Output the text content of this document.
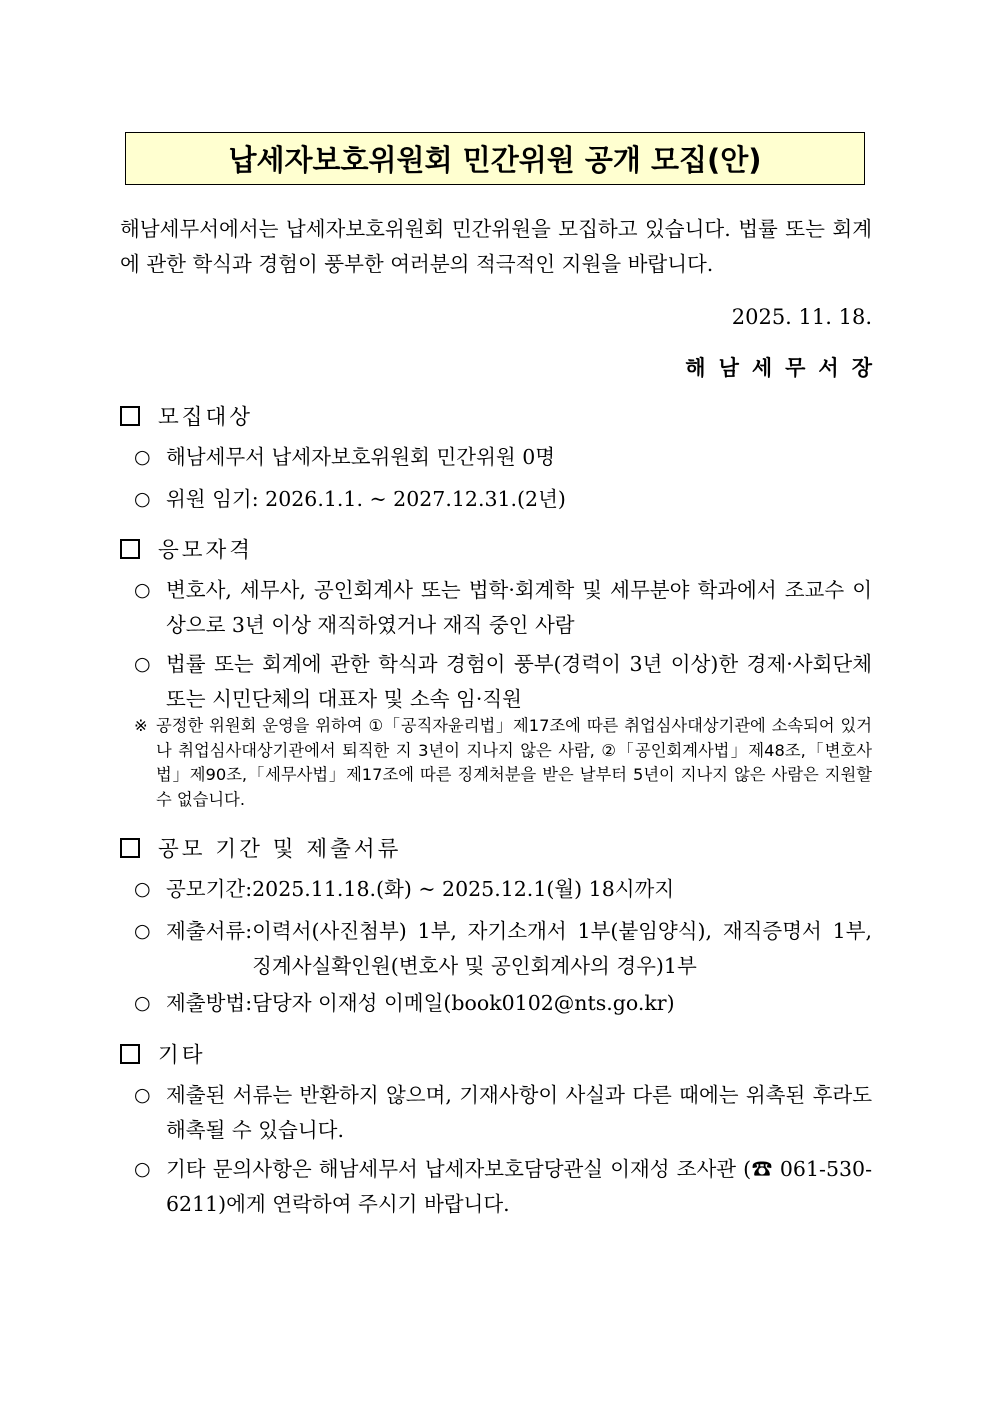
납세자보호위원회 민간위원 공개 모집(안)
해남세무서에서는 납세자보호위원회 민간위원을 모집하고 있습니다. 법률 또는 회계에 관한 학식과 경험이 풍부한 여러분의 적극적인 지원을 바랍니다.
2025. 11. 18.
해남세무서장
모집대상
○ 해남세무서 납세자보호위원회 민간위원 0명
○ 위원 임기: 2026.1.1. ~ 2027.12.31.(2년)
응모자격
○ 변호사, 세무사, 공인회계사 또는 법학·회계학 및 세무분야 학과에서 조교수 이상으로 3년 이상 재직하였거나 재직 중인 사람
○ 법률 또는 회계에 관한 학식과 경험이 풍부(경력이 3년 이상)한 경제·사회단체 또는 시민단체의 대표자 및 소속 임·직원
※ 공정한 위원회 운영을 위하여 ①「공직자윤리법」제17조에 따른 취업심사대상기관에 소속되어 있거나 취업심사대상기관에서 퇴직한 지 3년이 지나지 않은 사람, ②「공인회계사법」제48조,「변호사법」제90조,「세무사법」제17조에 따른 징계처분을 받은 날부터 5년이 지나지 않은 사람은 지원할 수 없습니다.
공모 기간 및 제출서류
○ 공모기간: 2025.11.18.(화) ~ 2025.12.1(월) 18시까지
○ 제출서류: 이력서(사진첨부) 1부, 자기소개서 1부(붙임양식), 재직증명서 1부, 징계사실확인원(변호사 및 공인회계사의 경우)1부
○ 제출방법: 담당자 이재성 이메일(book0102@nts.go.kr)
기타
○ 제출된 서류는 반환하지 않으며, 기재사항이 사실과 다른 때에는 위촉된 후라도 해촉될 수 있습니다.
○ 기타 문의사항은 해남세무서 납세자보호담당관실 이재성 조사관 (☎ 061-530-6211)에게 연락하여 주시기 바랍니다.
